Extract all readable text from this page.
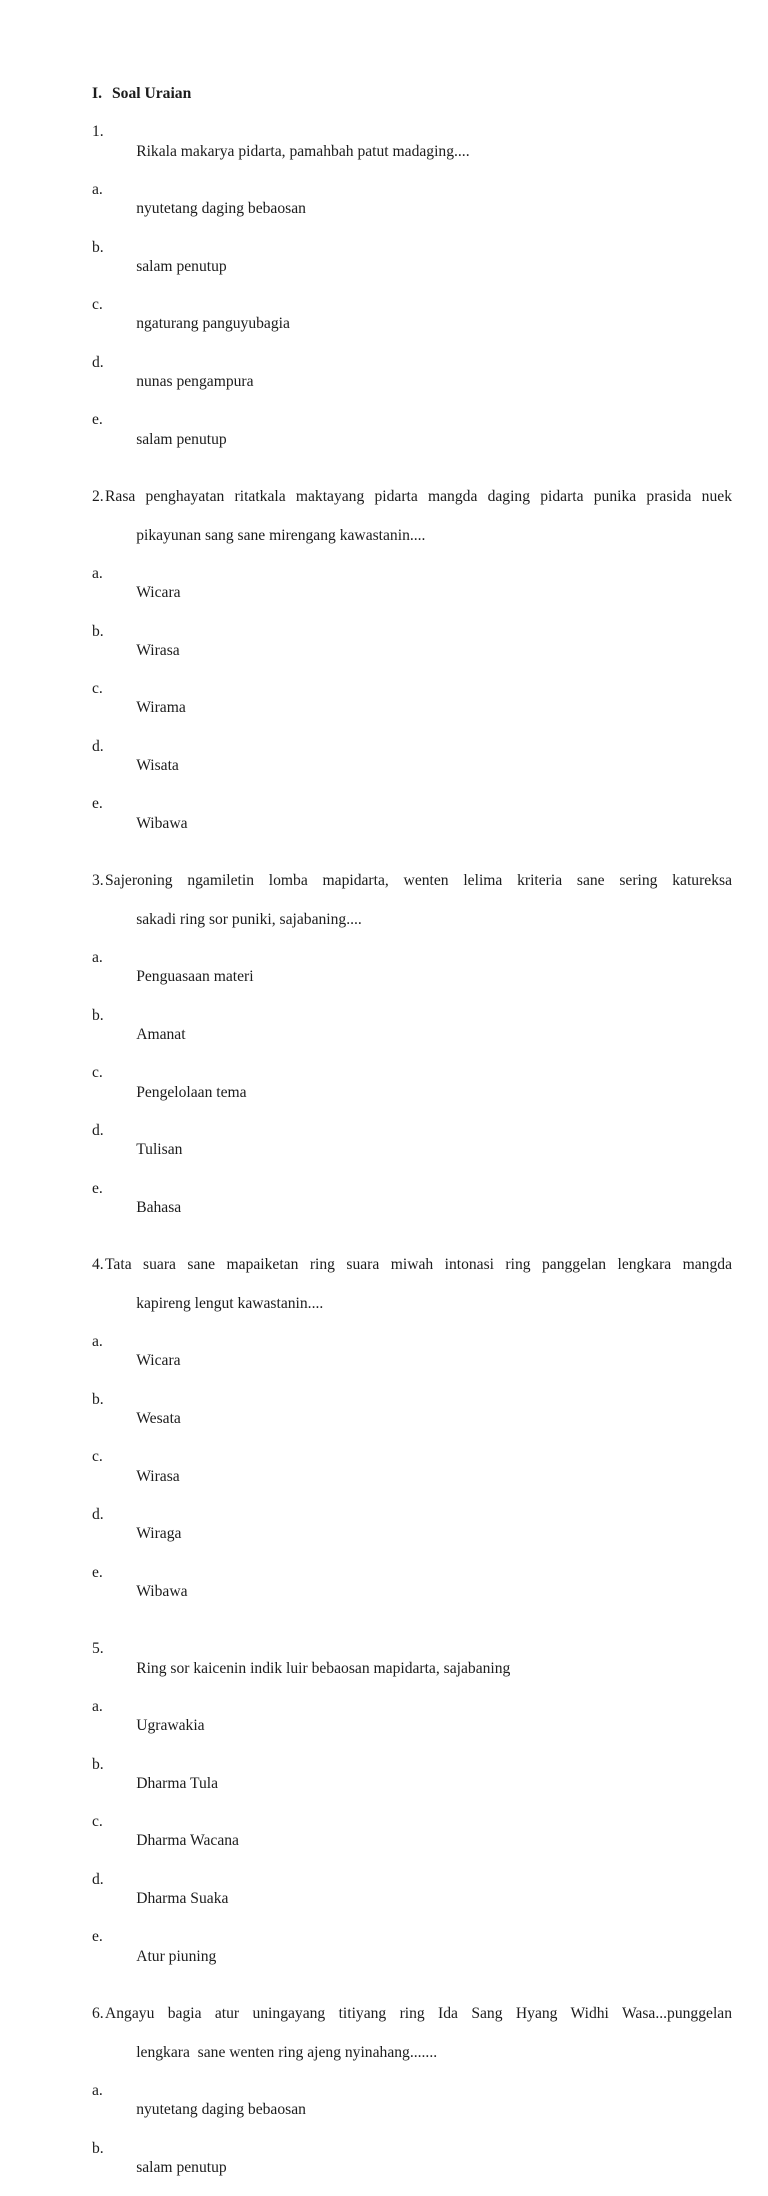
I. Soal Uraian

1.
Rikala makarya pidarta, pamahbah patut madaging....

a.
nyutetang daging bebaosan

b.
salam penutup

c.
ngaturang panguyubagia

d.
nunas pengampura

e.
salam penutup

2. Rasa penghayatan ritatkala maktayang pidarta mangda daging pidarta punika prasida nuek

pikayunan sang sane mirengang kawastanin....

a.
Wicara

b.
Wirasa

c.
Wirama

d.
Wisata

e.
Wibawa

3. Sajeroning ngamiletin lomba mapidarta, wenten lelima kriteria sane sering katureksa

sakadi ring sor puniki, sajabaning....

a.
Penguasaan materi

b.
Amanat

c.
Pengelolaan tema

d.
Tulisan

e.
Bahasa

4. Tata suara sane mapaiketan ring suara miwah intonasi ring panggelan lengkara mangda

kapireng lengut kawastanin....

a.
Wicara

b.
Wesata

c.
Wirasa

d.
Wiraga

e.
Wibawa

5.
Ring sor kaicenin indik luir bebaosan mapidarta, sajabaning

a.
Ugrawakia

b.
Dharma Tula

c.
Dharma Wacana

d.
Dharma Suaka

e.
Atur piuning

6. Angayu bagia atur uningayang titiyang ring Ida Sang Hyang Widhi Wasa...punggelan

lengkara  sane wenten ring ajeng nyinahang.......

a.
nyutetang daging bebaosan

b.
salam penutup
